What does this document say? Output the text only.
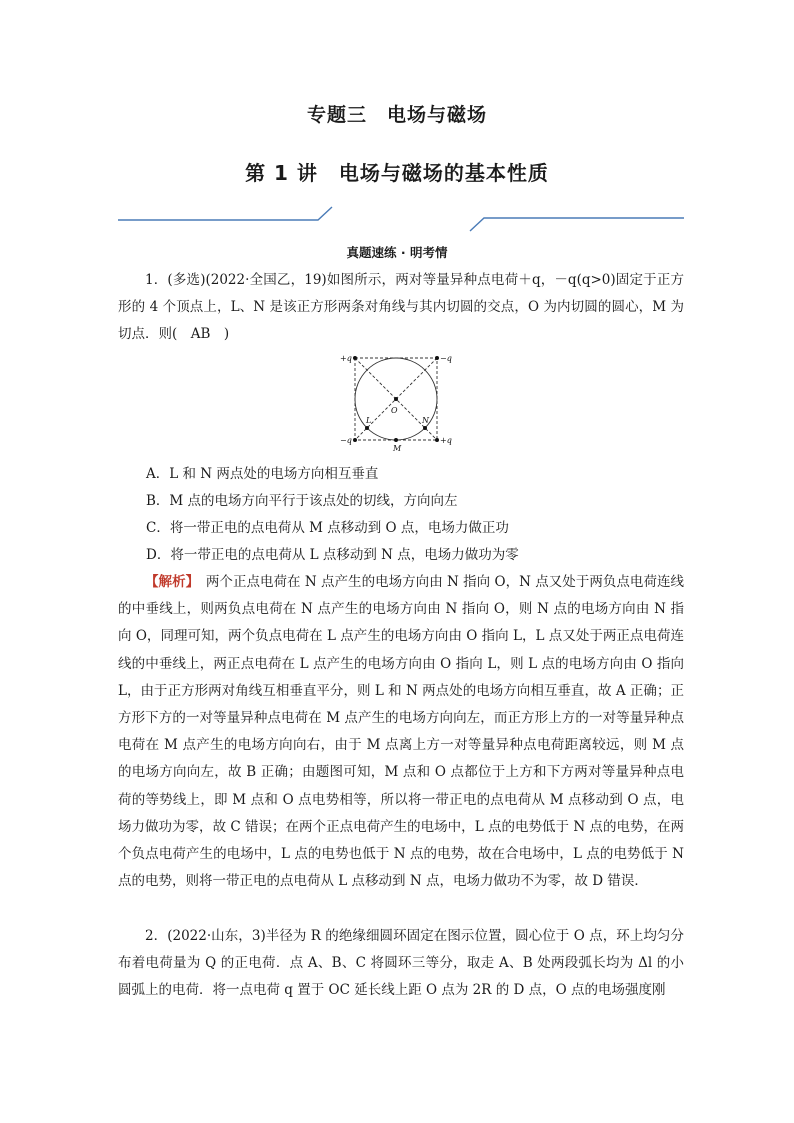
专题三　电场与磁场
第 1 讲　电场与磁场的基本性质
真题速练 · 明考情
1．(多选)(2022·全国乙，19)如图所示，两对等量异种点电荷＋q，－q(q>0)固定于正方形的 4 个顶点上，L、N 是该正方形两条对角线与其内切圆的交点，O 为内切圆的圆心，M 为切点．则(　AB　)
+q	−q
−q	+q
O
L	N
M
A．L 和 N 两点处的电场方向相互垂直
B．M 点的电场方向平行于该点处的切线，方向向左
C．将一带正电的点电荷从 M 点移动到 O 点，电场力做正功
D．将一带正电的点电荷从 L 点移动到 N 点，电场力做功为零
【解析】　两个正点电荷在 N 点产生的电场方向由 N 指向 O，N 点又处于两负点电荷连线的中垂线上，则两负点电荷在 N 点产生的电场方向由 N 指向 O，则 N 点的电场方向由 N 指向 O，同理可知，两个负点电荷在 L 点产生的电场方向由 O 指向 L，L 点又处于两正点电荷连线的中垂线上，两正点电荷在 L 点产生的电场方向由 O 指向 L，则 L 点的电场方向由 O 指向 L，由于正方形两对角线互相垂直平分，则 L 和 N 两点处的电场方向相互垂直，故 A 正确；正方形下方的一对等量异种点电荷在 M 点产生的电场方向向左，而正方形上方的一对等量异种点电荷在 M 点产生的电场方向向右，由于 M 点离上方一对等量异种点电荷距离较远，则 M 点的电场方向向左，故 B 正确；由题图可知，M 点和 O 点都位于上方和下方两对等量异种点电荷的等势线上，即 M 点和 O 点电势相等，所以将一带正电的点电荷从 M 点移动到 O 点，电场力做功为零，故 C 错误；在两个正点电荷产生的电场中，L 点的电势低于 N 点的电势，在两个负点电荷产生的电场中，L 点的电势也低于 N 点的电势，故在合电场中，L 点的电势低于 N 点的电势，则将一带正电的点电荷从 L 点移动到 N 点，电场力做功不为零，故 D 错误．
2．(2022·山东，3)半径为 R 的绝缘细圆环固定在图示位置，圆心位于 O 点，环上均匀分布着电荷量为 Q 的正电荷．点 A、B、C 将圆环三等分，取走 A、B 处两段弧长均为 Δl 的小圆弧上的电荷．将一点电荷 q 置于 OC 延长线上距 O 点为 2R 的 D 点，O 点的电场强度刚
